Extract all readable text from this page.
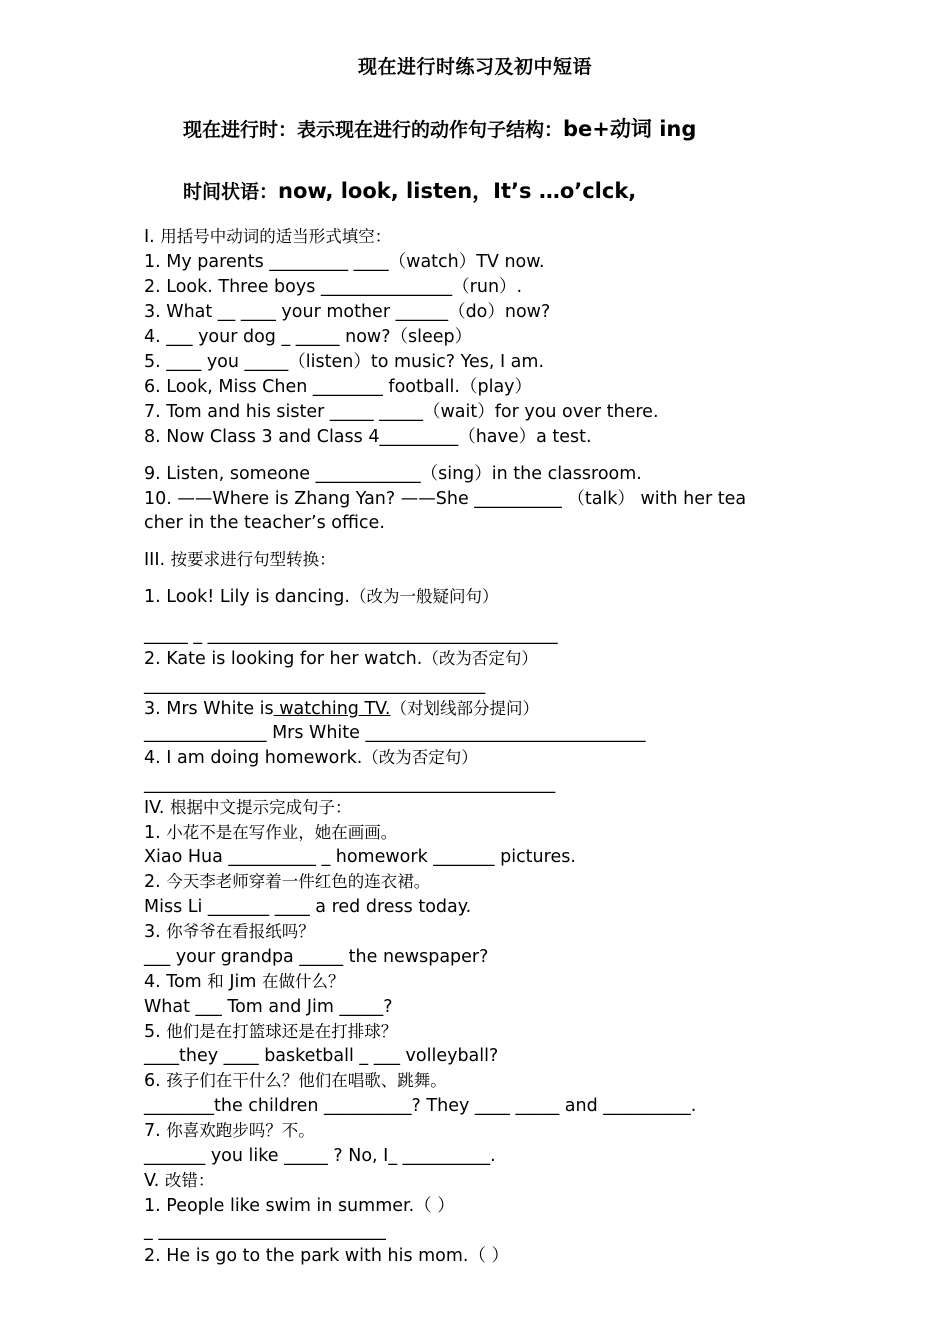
现在进行时练习及初中短语
现在进行时：表示现在进行的动作句子结构：be+动词 ing
时间状语：now, look, listen，It’s …o’clck,
I. 用括号中动词的适当形式填空：
1. My parents _________ ____（watch）TV now.
2. Look. Three boys _______________（run）.
3. What __ ____ your mother ______（do）now?
4. ___ your dog _ _____ now?（sleep）
5. ____ you _____（listen）to music? Yes, I am.
6. Look, Miss Chen ________ football.（play）
7. Tom and his sister _____ _____（wait）for you over there.
8. Now Class 3 and Class 4_________（have）a test.
9. Listen, someone ____________（sing）in the classroom.
10. ——Where is Zhang Yan? ——She __________ （talk） with her tea
cher in the teacher’s office.
III. 按要求进行句型转换：
1. Look! Lily is dancing.（改为一般疑问句）
_____ _ ________________________________________
2. Kate is looking for her watch.（改为否定句）
_______________________________________
3. Mrs White is watching TV.（对划线部分提问）
______________ Mrs White ________________________________
4. I am doing homework.（改为否定句）
_______________________________________________
IV. 根据中文提示完成句子：
1. 小花不是在写作业，她在画画。
Xiao Hua __________ _ homework _______ pictures.
2. 今天李老师穿着一件红色的连衣裙。
Miss Li _______ ____ a red dress today.
3. 你爷爷在看报纸吗？
___ your grandpa _____ the newspaper?
4. Tom 和 Jim 在做什么？
What ___ Tom and Jim _____?
5. 他们是在打篮球还是在打排球？
____they ____ basketball _ ___ volleyball?
6. 孩子们在干什么？他们在唱歌、跳舞。
________the children __________? They ____ _____ and __________.
7. 你喜欢跑步吗？不。
_______ you like _____ ? No, I_ __________.
V. 改错：
1. People like swim in summer.（ ）
_ __________________________
2. He is go to the park with his mom.（ ）
